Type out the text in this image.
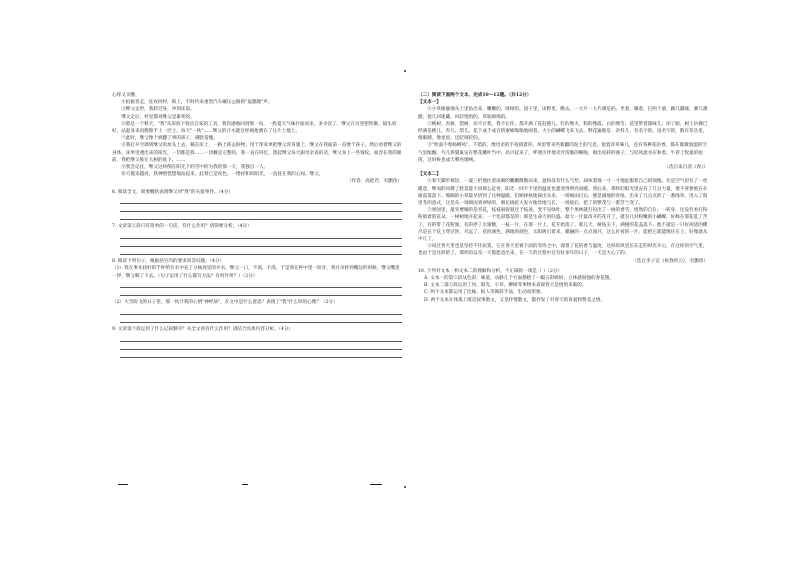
心痒又辛酸。

④拍板者走，连夜回村，街上，不时传来重型汽车碾压公路的"轰隆隆"声。

⑤继父去世，我转过身，冲到床前。

继父走后，村里都说继父是累死的。

⑥那是一个秋天，"我"从床底下找出自家的工具，我伤感地回到那一角，一股夏天气味扑面而来，多少次了，继父在这里把铁锹、镐头放好，站起身来再擦擦手上一层土。每天"一伙"……继父的汗水就这样被他洒在了这片土地上。

⑦此时，继父像个被翻了事的孩子，满脸羞愧。

⑧我打开空调到继父的炕头上去，躺在床上，一路上拣去脏物，用于净床单把继父浑身裹上，继父在我面前一直像个孩子。然后看着继父的身体，床单里透出来的阳光，一切都是我……一切概是完整的，我一直在回忆，想起继父每天跟母亲说的话，继父身上一些皱纹，面容在我的眼前，我把继父推在大树的底下。……

⑨我会记住，继父这样倒在阳光下的雪中的为我的那一天，我独自一人。

⑩天越来越亮，我神情恍惚地站起来，此刻已是夜色。一缕祥和的阳光，一直抚在我的心间。继父，

（作者：高桂芹，有删改）

6. 阅读全文，简要概括表现继父对"我"的关爱事件。（4分）

7. 文章第①段只有简单的一句话，有什么作用？请简要分析。（4分）

8. 阅读下列句子，根据括号内的要求回答问题。（4分）

（1）我在事先找好的手杯给开水中充了分核放里的开水，继父一口，不渴，不渴，于是我在杯中里一咬牙，将开水杯到嘴边的时候，继父嘴里一停，继父咽了下去。（句子运用了什么描写方法？有何作用？）（2分）

（2）大雪纷飞的日子里，那一伙计我的心情"神经质"，在文中是什么意思？表现了"我"什么样的心理？（2分）

9. 文章第⑦段运用了什么记叙顺序？从全文看有什么作用？请结合具体内容分析。（4分）

（二）阅读下面两个文本，完成10～12题。（共12分）

【文本一】

①小草偷偷地从土里钻出来，嫩嫩的，绿绿的。园子里，田野里，瞧去，一大片一大片满是的。坐着，躺着，打两个滚，踢几脚球，赛几趟跑，捉几回迷藏。风轻悄悄的，草软绵绵的。

②桃树、杏树、梨树，你不让我，我不让你，都开满了花赶趟儿。红的像火，粉的像霞，白的像雪。花里带着甜味儿；闭了眼，树上仿佛已经满是桃儿、杏儿、梨儿。花下成千成百的蜜蜂嗡嗡地闹着，大小的蝴蝶飞来飞去。野花遍地是：杂样儿，有名字的，没名字的，散在草丛里，像眼睛，像星星，还眨呀眨的。

③"吹面不寒杨柳风"，不错的，像母亲的手抚摸着你。风里带来些新翻的泥土的气息，混着青草味儿，还有各种花的香，都在微微润湿的空气里酝酿。鸟儿将窠巢安在繁花嫩叶当中，高兴起来了，呼朋引伴地卖弄清脆的喉咙，唱出宛转的曲子，与轻风流水应和着。牛背上牧童的短笛，这时候也成天嘹亮地响。

（选自朱自清《春》）

【文本二】

①春天脚步被轻，一波三折地往着南朝的鹏鹏散散而来，盈和没有什么气势，却执着地一寸一寸地征服着自己的领地。先是空气里有了一丝暖意，继而的风拂了脸竟能不再那么砭骨，阳光一回卡不里的温度也悉变得明亮而暖。到后来，那样的阳光里充有了几分力量，要不喜要被在在眼前落落下。嗅胸的小草最早悟到了这种温暖，们顾择执地探出头来，一场细雨过后，便是满地的青绿，出来了几点点的了一番绿草，进入了阳里冬的意式，这是从一场细雨到翠绿的，细长线蛇大发方地丝地与长，一场接后，把了的繁茂与一派芳兰变了。

②果园里，最先要嗡的是杏花，枝枝叙叙叙还于枝条，变不见绿叶，整个果林就打扮出了一树的香雪，悄然的自在；一转身，还没有看打粉粉欲着的花朵。一树树地开起来，一个色彩都是的；那是生命力的旺盛。最大一片最清开的花开了，就有几对粉嫩的小蝴蝶，好蜂在那花乱了苦了，有的带了花粉蜜，有的停了水蜜糖，一枝一片，在那一片上，花开始落了。那几天，树枝尖下，满桠的花盖落下。他不就是一只好闲适的蝶尽是在个花上穿过的，尽远了，花的颜色，满地的颜色，太阳吸引着来，暖融的一点点漫开，这么好看的一片，能把它就能吸住在上，好像就从中几了。

③风过春天里也是坚持不住寂寞，它在春天里被下面的等待之中，漫着了花的香与温度，这样的风里长在走的时光开心，在这样的空气里，也由于是这样的了，那样的以及一天都愿意出来，在一天的过程中还有好多年的日子，一天是大心了的。

（选自李子宜《祝春的云》，有删改）

10. 下列对文本一和文本二的理解和分析，不正确的一项是（ ）（2分）

A. 文本一的第②段从色彩、味道、动静几个方面描绘了一幅五彩缤纷、立体感很强的春花图。

B. 文本二第①段运用了风、阳光、小草、柳树等事物来表现春天是悄悄来临的。

C. 两个文本都运用了比喻、拟人等修辞手法，生动而形象。

D. 两个文本在体裁上既是叙事散文，又是抒情散文，都抒发了对春天的喜爱和赞美之情。
